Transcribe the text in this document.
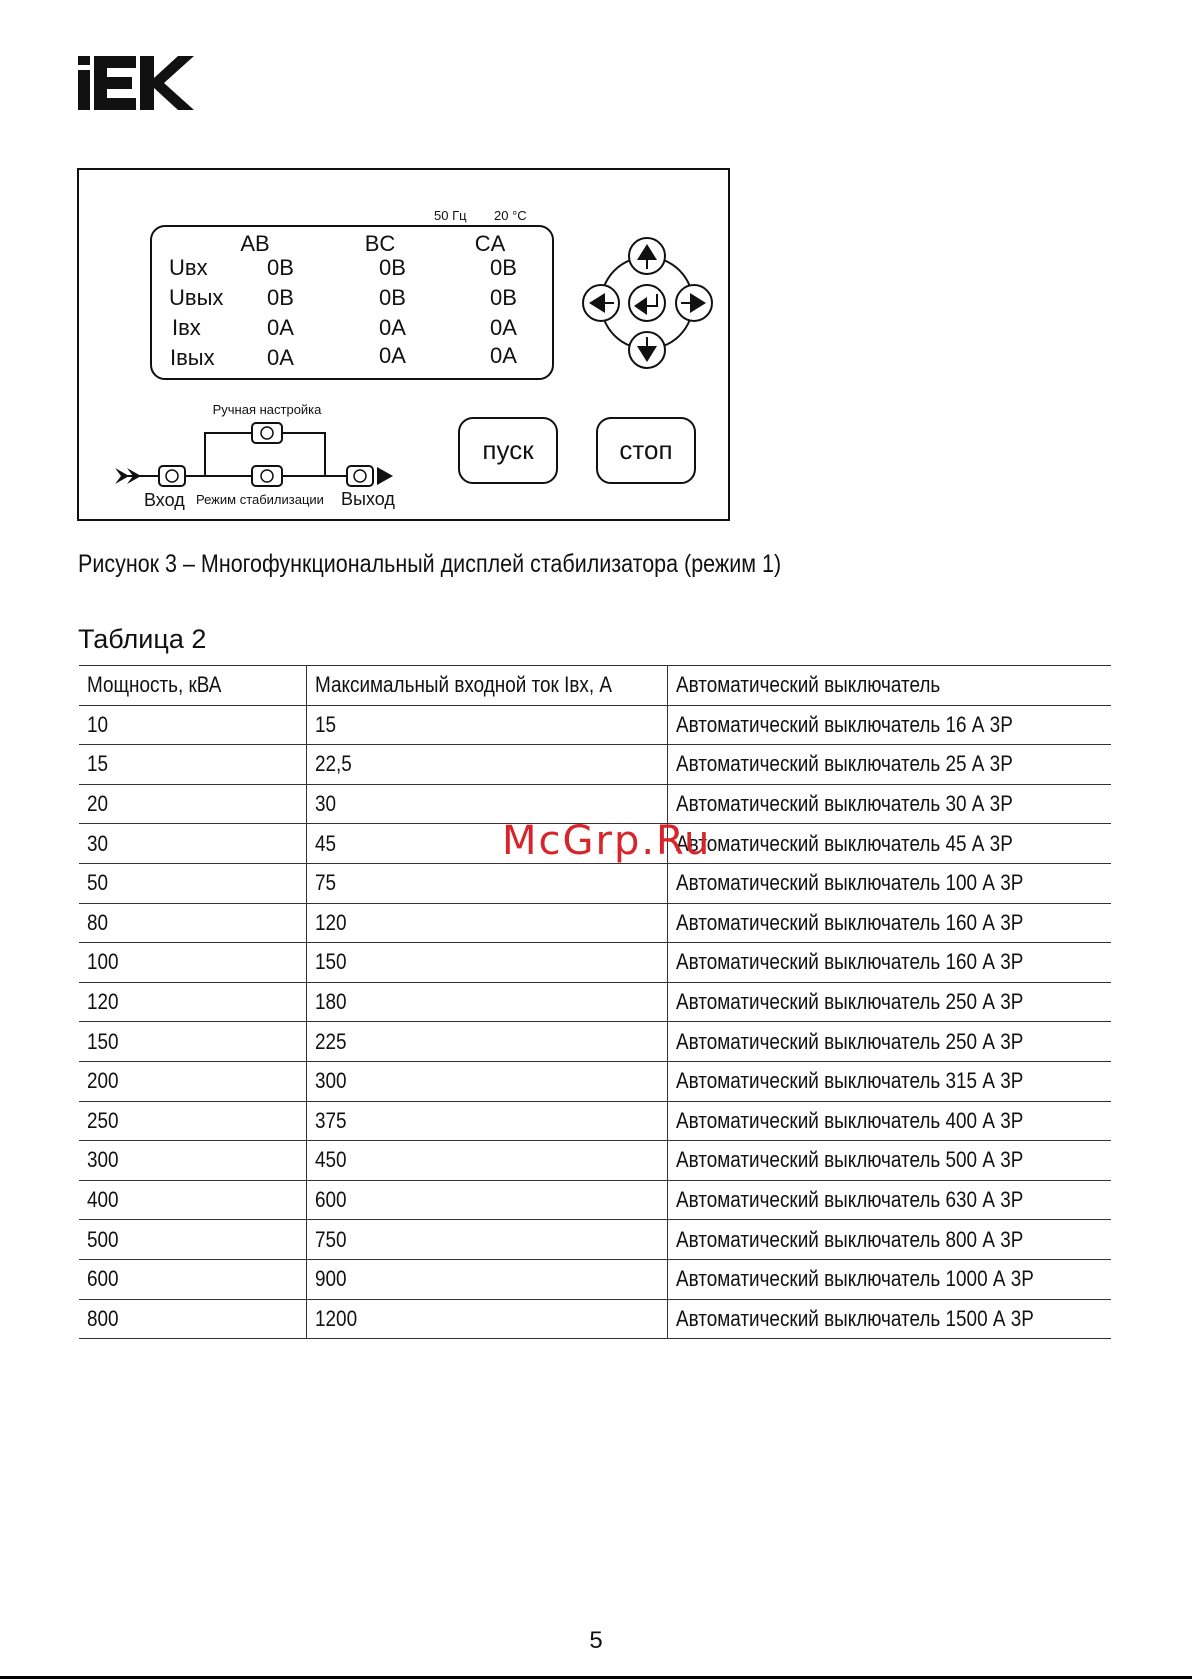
50 Гц 20 °C
AB	BC	CA
Uвх	0В	0В	0В
Uвых 0В	0В	0В
Iвх	0А	0А	0А
Iвых 0А	0А	0А
Ручная настройка
Вход Режим стабилизации Выход
пуск	стоп
Рисунок 3 – Многофункциональный дисплей стабилизатора (режим 1)
Таблица 2
Мощность, кВА	Максимальный входной ток Iвх, А	Автоматический выключатель
10	15	Автоматический выключатель 16 А 3Р
15	22,5	Автоматический выключатель 25 А 3Р
20	30	Автоматический выключатель 30 А 3Р
30	45	Автоматический выключатель 45 А 3Р
50	75	Автоматический выключатель 100 А 3Р
80	120	Автоматический выключатель 160 А 3Р
100	150	Автоматический выключатель 160 А 3Р
120	180	Автоматический выключатель 250 А 3Р
150	225	Автоматический выключатель 250 А 3Р
200	300	Автоматический выключатель 315 А 3Р
250	375	Автоматический выключатель 400 А 3Р
300	450	Автоматический выключатель 500 А 3Р
400	600	Автоматический выключатель 630 А 3Р
500	750	Автоматический выключатель 800 А 3Р
600	900	Автоматический выключатель 1000 А 3Р
800	1200	Автоматический выключатель 1500 А 3Р
McGrp.Ru
5
